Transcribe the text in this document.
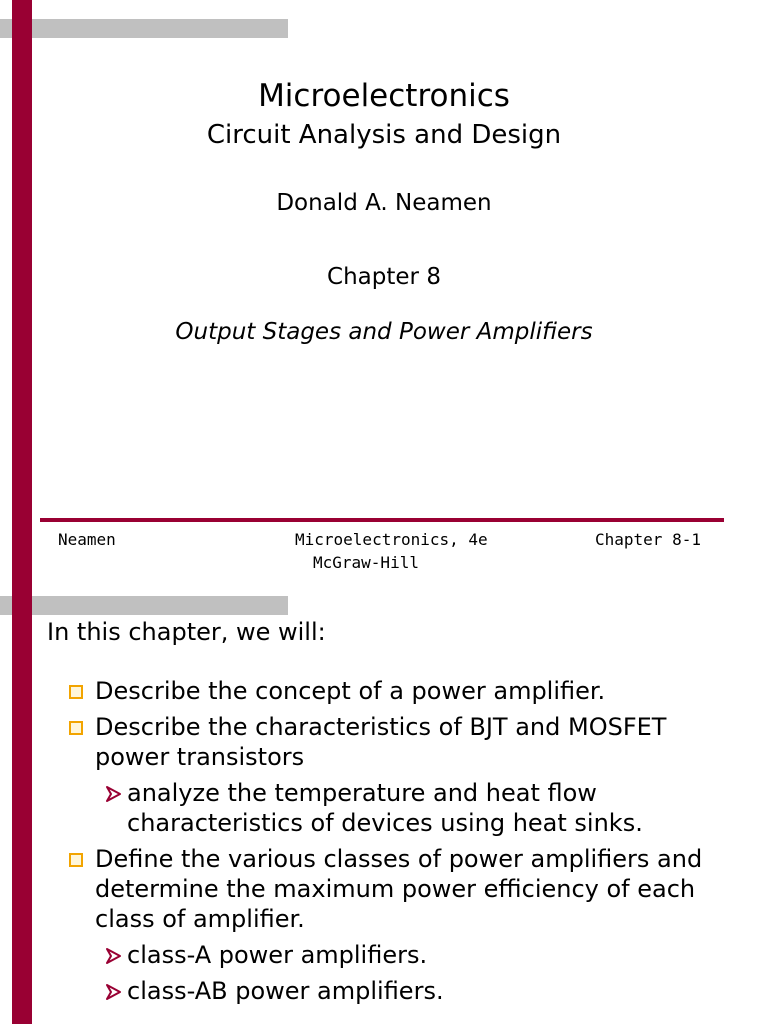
Microelectronics
Circuit Analysis and Design
Donald A. Neamen
Chapter 8
Output Stages and Power Amplifiers
Neamen	Microelectronics, 4e
McGraw-Hill
Chapter 8-1
In this chapter, we will:
Describe the concept of a power amplifier.
Describe the characteristics of BJT and MOSFET power transistors
analyze the temperature and heat flow characteristics of devices using heat sinks.
Define the various classes of power amplifiers and determine the maximum power efficiency of each class of amplifier.
class-A power amplifiers.
class-AB power amplifiers.
